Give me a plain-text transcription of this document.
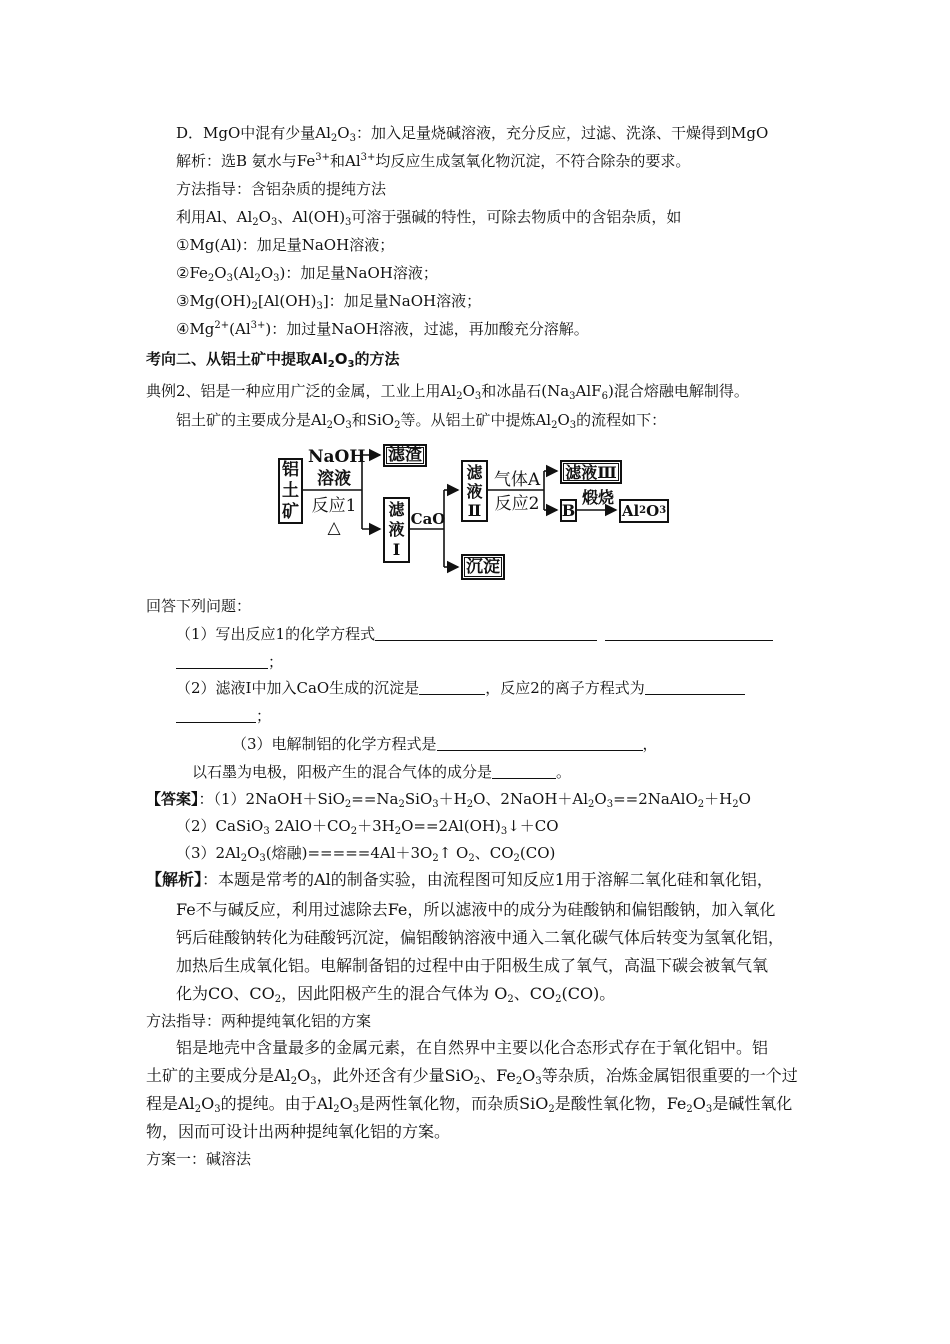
D．MgO中混有少量$Al_2O_3$：加入足量烧碱溶液，充分反应，过滤、洗涤、干燥得到MgO
解析：选B 氨水与$Fe^{3+}$和$Al^{3+}$均反应生成氢氧化物沉淀，不符合除杂的要求。
方法指导：含铝杂质的提纯方法
利用Al、$Al_2O_3$、$Al(OH)_3$可溶于强碱的特性，可除去物质中的含铝杂质，如
①Mg(Al)：加足量NaOH溶液；
$②Fe_2O_3(Al_2O_3)$：加足量NaOH溶液；
$③Mg(OH)_2[Al(OH)_3]$：加足量NaOH溶液；
$④Mg^{2+}(Al^{3+})$：加过量NaOH溶液，过滤，再加酸充分溶解。
考向二、从铝土矿中提取$Al_2O_3$的方法
典例2、铝是一种应用广泛的金属，工业上用$Al_2O_3$和冰晶石$(Na_3AlF_6)$混合熔融电解制得。
铝土矿的主要成分是$Al_2O_3$和SiO$_2$等。从铝土矿中提炼$Al_2O_3$的流程如下：
铝
土
矿
NaOH
溶液
反应1
△
滤渣
滤
液
Ⅰ
CaO
沉淀
滤
液
Ⅱ
气体A
反应2
滤液Ⅲ
B
煅烧
Al 2 O 3
回答下列问题：
（1）写出反应1的化学方程式
；
（2）滤液Ⅰ中加入CaO生成的沉淀是	，反应2的离子方程式为
；
（3）电解制铝的化学方程式是	，
以石墨为电极，阳极产生的混合气体的成分是	。
【答案】：$(1)2NaOH+SiO_2==Na_2SiO_3+H_2O$、$2NaOH+Al_2O_3==2NaAlO_2+H_2O$
（2）CaSiO$_3$ $2AlO+CO_2+3H_2O==2Al(OH)_3↓+CO$
$(3)2Al_2O_3$(熔融)$=====4Al+3O_2↑$ $O_2$、$CO_2(CO)$
【解析】：本题是常考的Al的制备实验，由流程图可知反应1用于溶解二氧化硅和氧化铝，
Fe不与碱反应，利用过滤除去Fe，所以滤液中的成分为硅酸钠和偏铝酸钠，加入氧化
钙后硅酸钠转化为硅酸钙沉淀，偏铝酸钠溶液中通入二氧化碳气体后转变为氢氧化铝，
加热后生成氧化铝。电解制备铝的过程中由于阳极生成了氧气，高温下碳会被氧气氧
化为CO、$CO_2$，因此阳极产生的混合气体为 $O_2$、$CO_2(CO)$。
方法指导：两种提纯氧化铝的方案
铝是地壳中含量最多的金属元素，在自然界中主要以化合态形式存在于氧化铝中。铝
土矿的主要成分是$Al_2O_3$，此外还含有少量SiO$_2$、$Fe_2O_3$等杂质，冶炼金属铝很重要的一个过
程是$Al_2O_3$的提纯。由于$Al_2O_3$是两性氧化物，而杂质SiO$_2$是酸性氧化物，$Fe_2O_3$是碱性氧化
物，因而可设计出两种提纯氧化铝的方案。
方案一：碱溶法
